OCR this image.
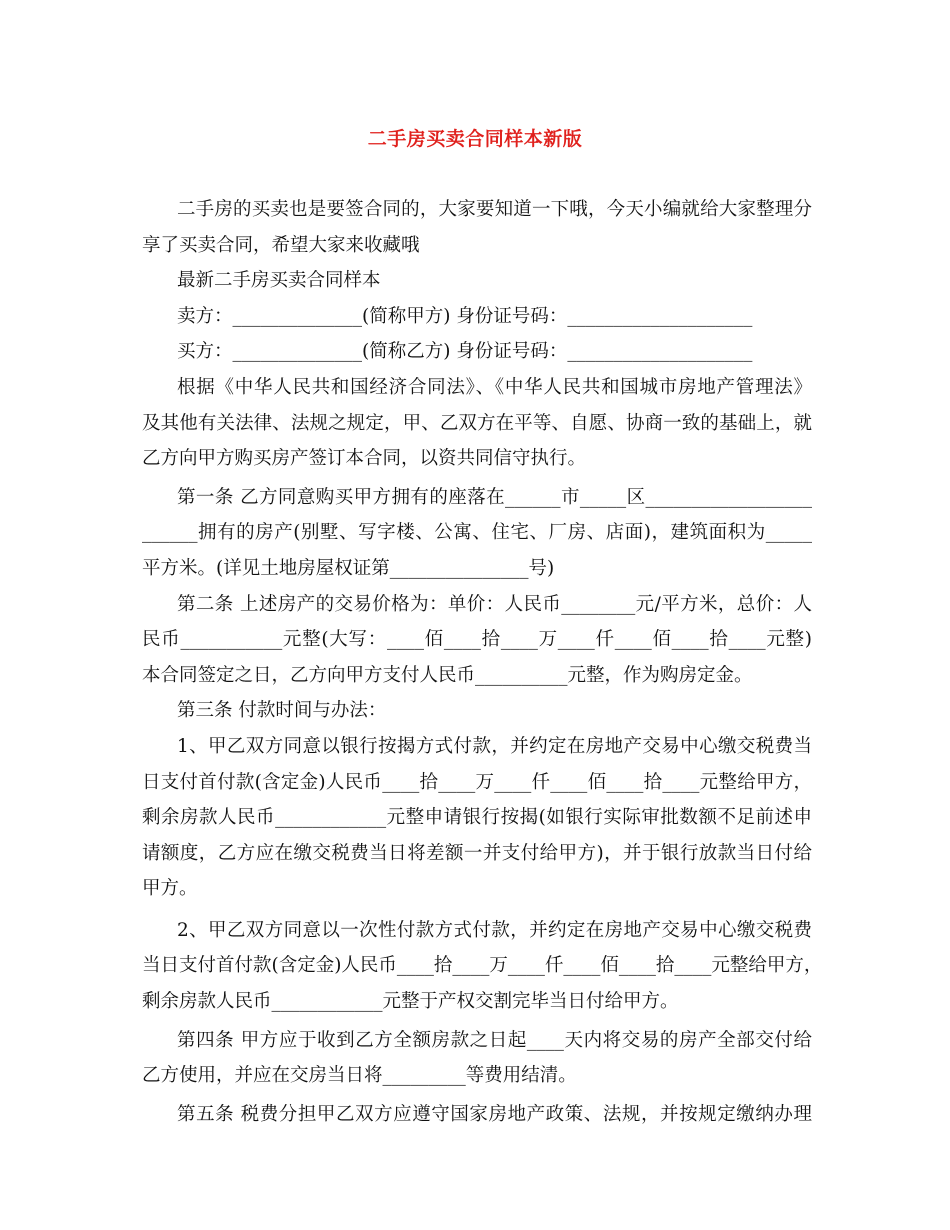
二手房买卖合同样本新版
二手房的买卖也是要签合同的，大家要知道一下哦，今天小编就给大家整理分
享了买卖合同，希望大家来收藏哦
最新二手房买卖合同样本
卖方：______________(简称甲方) 身份证号码：____________________
买方：______________(简称乙方) 身份证号码：____________________
根据《中华人民共和国经济合同法》、《中华人民共和国城市房地产管理法》
及其他有关法律、法规之规定，甲、乙双方在平等、自愿、协商一致的基础上，就
乙方向甲方购买房产签订本合同，以资共同信守执行。
第一条 乙方同意购买甲方拥有的座落在______市_____区__________________
______拥有的房产(别墅、写字楼、公寓、住宅、厂房、店面)，建筑面积为_____
平方米。(详见土地房屋权证第_______________号)
第二条 上述房产的交易价格为：单价：人民币________元/平方米，总价：人
民币___________元整(大写：____佰____拾____万____仟____佰____拾____元整)
本合同签定之日，乙方向甲方支付人民币__________元整，作为购房定金。
第三条 付款时间与办法：
1、甲乙双方同意以银行按揭方式付款，并约定在房地产交易中心缴交税费当
日支付首付款(含定金)人民币____拾____万____仟____佰____拾____元整给甲方，
剩余房款人民币____________元整申请银行按揭(如银行实际审批数额不足前述申
请额度，乙方应在缴交税费当日将差额一并支付给甲方)，并于银行放款当日付给
甲方。
2、甲乙双方同意以一次性付款方式付款，并约定在房地产交易中心缴交税费
当日支付首付款(含定金)人民币____拾____万____仟____佰____拾____元整给甲方，
剩余房款人民币____________元整于产权交割完毕当日付给甲方。
第四条 甲方应于收到乙方全额房款之日起____天内将交易的房产全部交付给
乙方使用，并应在交房当日将_________等费用结清。
第五条 税费分担甲乙双方应遵守国家房地产政策、法规，并按规定缴纳办理
